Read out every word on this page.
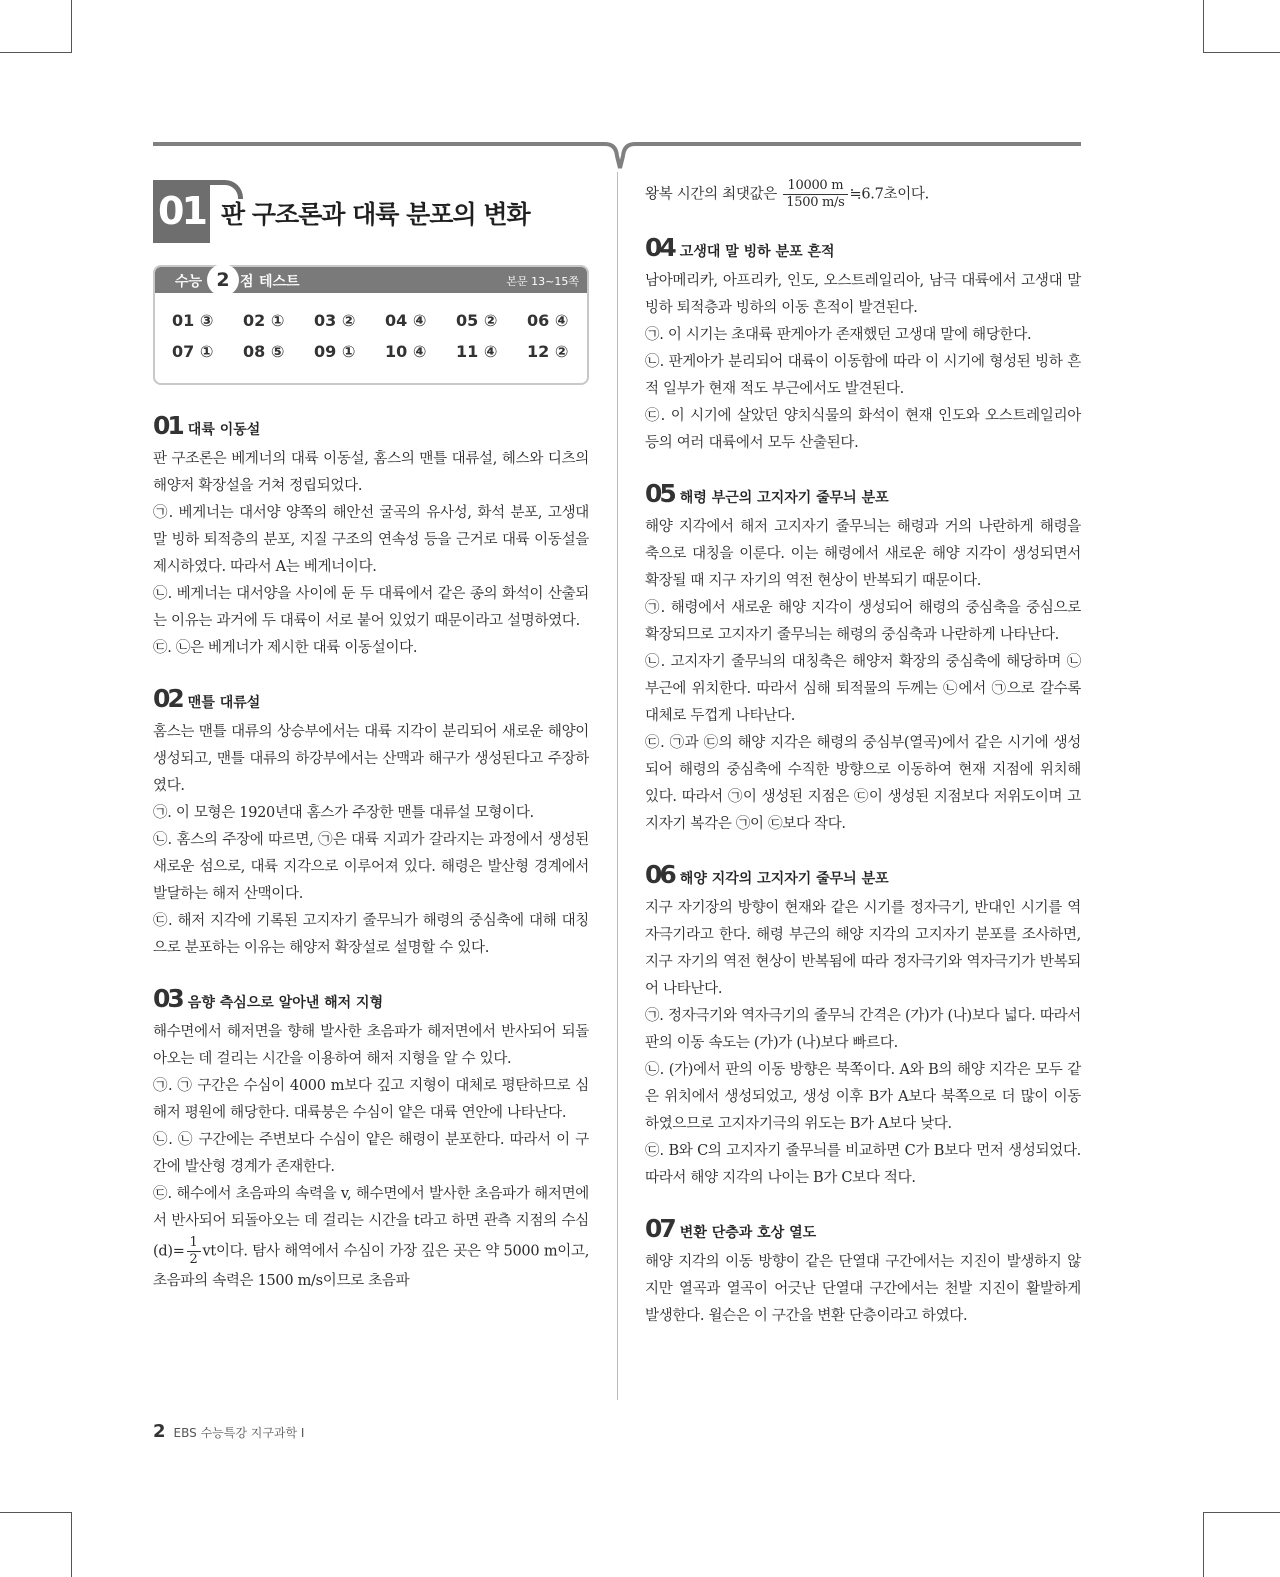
01 판 구조론과 대륙 분포의 변화
수능 2 점 테스트	본문 13~15쪽
01 ③	02 ①	03 ②	04 ④	05 ②	06 ④
07 ①	08 ⑤	09 ①	10 ④	11 ④	12 ②
01 대륙 이동설

판 구조론은 베게너의 대륙 이동설, 홈스의 맨틀 대류설, 헤스와 디츠의 해양저 확장설을 거쳐 정립되었다.

㉠. 베게너는 대서양 양쪽의 해안선 굴곡의 유사성, 화석 분포, 고생대 말 빙하 퇴적층의 분포, 지질 구조의 연속성 등을 근거로 대륙 이동설을 제시하였다. 따라서 A는 베게너이다.

㉡. 베게너는 대서양을 사이에 둔 두 대륙에서 같은 종의 화석이 산출되는 이유는 과거에 두 대륙이 서로 붙어 있었기 때문이라고 설명하였다.

㉢. ㉡은 베게너가 제시한 대륙 이동설이다.

02 맨틀 대류설

홈스는 맨틀 대류의 상승부에서는 대륙 지각이 분리되어 새로운 해양이 생성되고, 맨틀 대류의 하강부에서는 산맥과 해구가 생성된다고 주장하였다.

㉠. 이 모형은 1920년대 홈스가 주장한 맨틀 대류설 모형이다.

㉡. 홈스의 주장에 따르면, ㉠은 대륙 지괴가 갈라지는 과정에서 생성된 새로운 섬으로, 대륙 지각으로 이루어져 있다. 해령은 발산형 경계에서 발달하는 해저 산맥이다.

㉢. 해저 지각에 기록된 고지자기 줄무늬가 해령의 중심축에 대해 대칭으로 분포하는 이유는 해양저 확장설로 설명할 수 있다.

03 음향 측심으로 알아낸 해저 지형

해수면에서 해저면을 향해 발사한 초음파가 해저면에서 반사되어 되돌아오는 데 걸리는 시간을 이용하여 해저 지형을 알 수 있다.

㉠. ㉠ 구간은 수심이 4000 m보다 깊고 지형이 대체로 평탄하므로 심해저 평원에 해당한다. 대륙붕은 수심이 얕은 대륙 연안에 나타난다.

㉡. ㉡ 구간에는 주변보다 수심이 얕은 해령이 분포한다. 따라서 이 구간에 발산형 경계가 존재한다.

㉢. 해수에서 초음파의 속력을 v, 해수면에서 발사한 초음파가 해저면에서 반사되어 되돌아오는 데 걸리는 시간을 t라고 하면 관측 지점의 수심$(d)= \frac{1}{2}$ vt이다. 탐사 해역에서 수심이 가장 깊은 곳은 약 5000 m이고, 초음파의 속력은 1500 m/s이므로 초음파

왕복 시간의 최댓값은 $\frac{10000 m}{1500 m/s}$ ≒6.7초이다.

04 고생대 말 빙하 분포 흔적

남아메리카, 아프리카, 인도, 오스트레일리아, 남극 대륙에서 고생대 말 빙하 퇴적층과 빙하의 이동 흔적이 발견된다.

㉠. 이 시기는 초대륙 판게아가 존재했던 고생대 말에 해당한다.

㉡. 판게아가 분리되어 대륙이 이동함에 따라 이 시기에 형성된 빙하 흔적 일부가 현재 적도 부근에서도 발견된다.

㉢. 이 시기에 살았던 양치식물의 화석이 현재 인도와 오스트레일리아 등의 여러 대륙에서 모두 산출된다.

05 해령 부근의 고지자기 줄무늬 분포

해양 지각에서 해저 고지자기 줄무늬는 해령과 거의 나란하게 해령을 축으로 대칭을 이룬다. 이는 해령에서 새로운 해양 지각이 생성되면서 확장될 때 지구 자기의 역전 현상이 반복되기 때문이다.

㉠. 해령에서 새로운 해양 지각이 생성되어 해령의 중심축을 중심으로 확장되므로 고지자기 줄무늬는 해령의 중심축과 나란하게 나타난다.

㉡. 고지자기 줄무늬의 대칭축은 해양저 확장의 중심축에 해당하며 ㉡ 부근에 위치한다. 따라서 심해 퇴적물의 두께는 ㉡에서 ㉠으로 갈수록 대체로 두껍게 나타난다.

㉢. ㉠과 ㉢의 해양 지각은 해령의 중심부(열곡)에서 같은 시기에 생성되어 해령의 중심축에 수직한 방향으로 이동하여 현재 지점에 위치해 있다. 따라서 ㉠이 생성된 지점은 ㉢이 생성된 지점보다 저위도이며 고지자기 복각은 ㉠이 ㉢보다 작다.

06 해양 지각의 고지자기 줄무늬 분포

지구 자기장의 방향이 현재와 같은 시기를 정자극기, 반대인 시기를 역자극기라고 한다. 해령 부근의 해양 지각의 고지자기 분포를 조사하면, 지구 자기의 역전 현상이 반복됨에 따라 정자극기와 역자극기가 반복되어 나타난다.

㉠. 정자극기와 역자극기의 줄무늬 간격은 (가)가 (나)보다 넓다. 따라서 판의 이동 속도는 (가)가 (나)보다 빠르다.

㉡. (가)에서 판의 이동 방향은 북쪽이다. A와 B의 해양 지각은 모두 같은 위치에서 생성되었고, 생성 이후 B가 A보다 북쪽으로 더 많이 이동하였으므로 고지자기극의 위도는 B가 A보다 낮다.

㉢. B와 C의 고지자기 줄무늬를 비교하면 C가 B보다 먼저 생성되었다. 따라서 해양 지각의 나이는 B가 C보다 적다.

07 변환 단층과 호상 열도

해양 지각의 이동 방향이 같은 단열대 구간에서는 지진이 발생하지 않지만 열곡과 열곡이 어긋난 단열대 구간에서는 천발 지진이 활발하게 발생한다. 윌슨은 이 구간을 변환 단층이라고 하였다.

2 EBS 수능특강 지구과학 I
